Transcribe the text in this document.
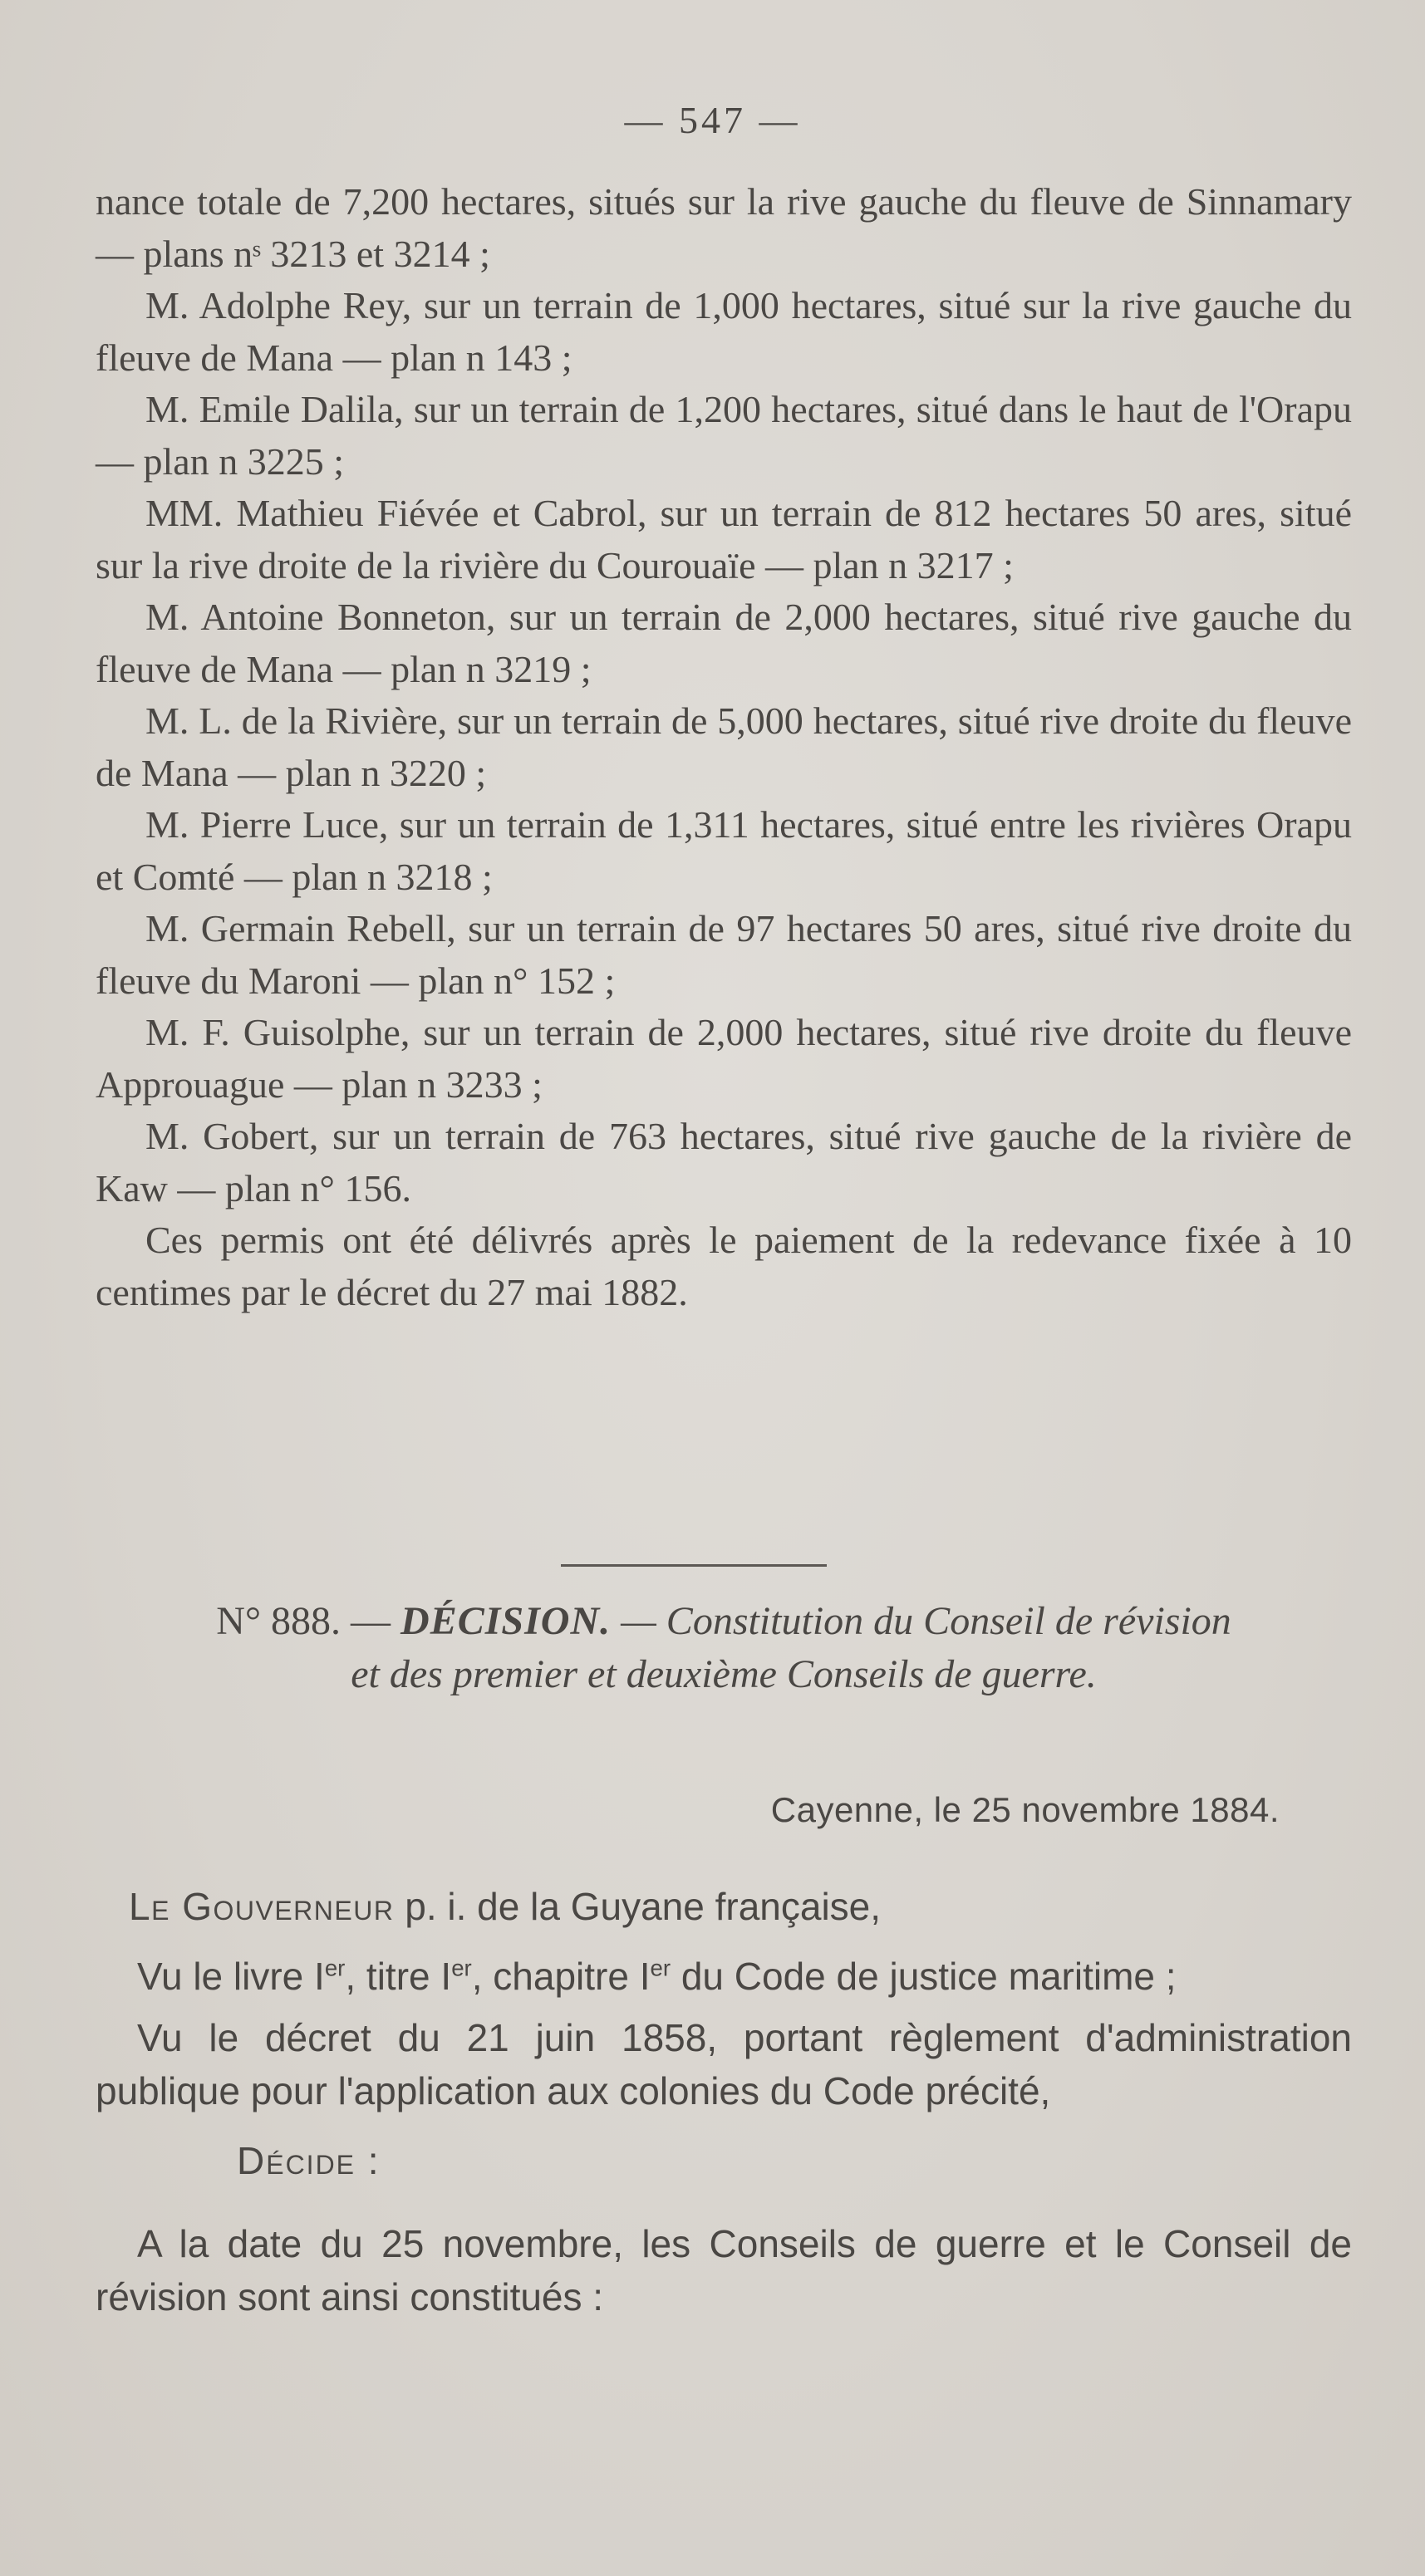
— 547 —

nance totale de 7,200 hectares, situés sur la rive gauche du fleuve de Sinnamary — plans nˢ 3213 et 3214 ;

M. Adolphe Rey, sur un terrain de 1,000 hectares, situé sur la rive gauche du fleuve de Mana — plan n 143 ;

M. Emile Dalila, sur un terrain de 1,200 hectares, situé dans le haut de l'Orapu — plan n 3225 ;

MM. Mathieu Fiévée et Cabrol, sur un terrain de 812 hectares 50 ares, situé sur la rive droite de la rivière du Courouaïe — plan n 3217 ;

M. Antoine Bonneton, sur un terrain de 2,000 hectares, situé rive gauche du fleuve de Mana — plan n 3219 ;

M. L. de la Rivière, sur un terrain de 5,000 hectares, situé rive droite du fleuve de Mana — plan n 3220 ;

M. Pierre Luce, sur un terrain de 1,311 hectares, situé entre les rivières Orapu et Comté — plan n 3218 ;

M. Germain Rebell, sur un terrain de 97 hectares 50 ares, situé rive droite du fleuve du Maroni — plan n° 152 ;

M. F. Guisolphe, sur un terrain de 2,000 hectares, situé rive droite du fleuve Approuague — plan n 3233 ;

M. Gobert, sur un terrain de 763 hectares, situé rive gauche de la rivière de Kaw — plan n° 156.

Ces permis ont été délivrés après le paiement de la redevance fixée à 10 centimes par le décret du 27 mai 1882.

N° 888. — DÉCISION. — Constitution du Conseil de révision
et des premier et deuxième Conseils de guerre.
Cayenne, le 25 novembre 1884.

Le Gouverneur p. i. de la Guyane française,

Vu le livre Ier, titre Ier, chapitre Ier du Code de justice maritime ;

Vu le décret du 21 juin 1858, portant règlement d'administration publique pour l'application aux colonies du Code précité,

Décide :

A la date du 25 novembre, les Conseils de guerre et le Conseil de révision sont ainsi constitués :
